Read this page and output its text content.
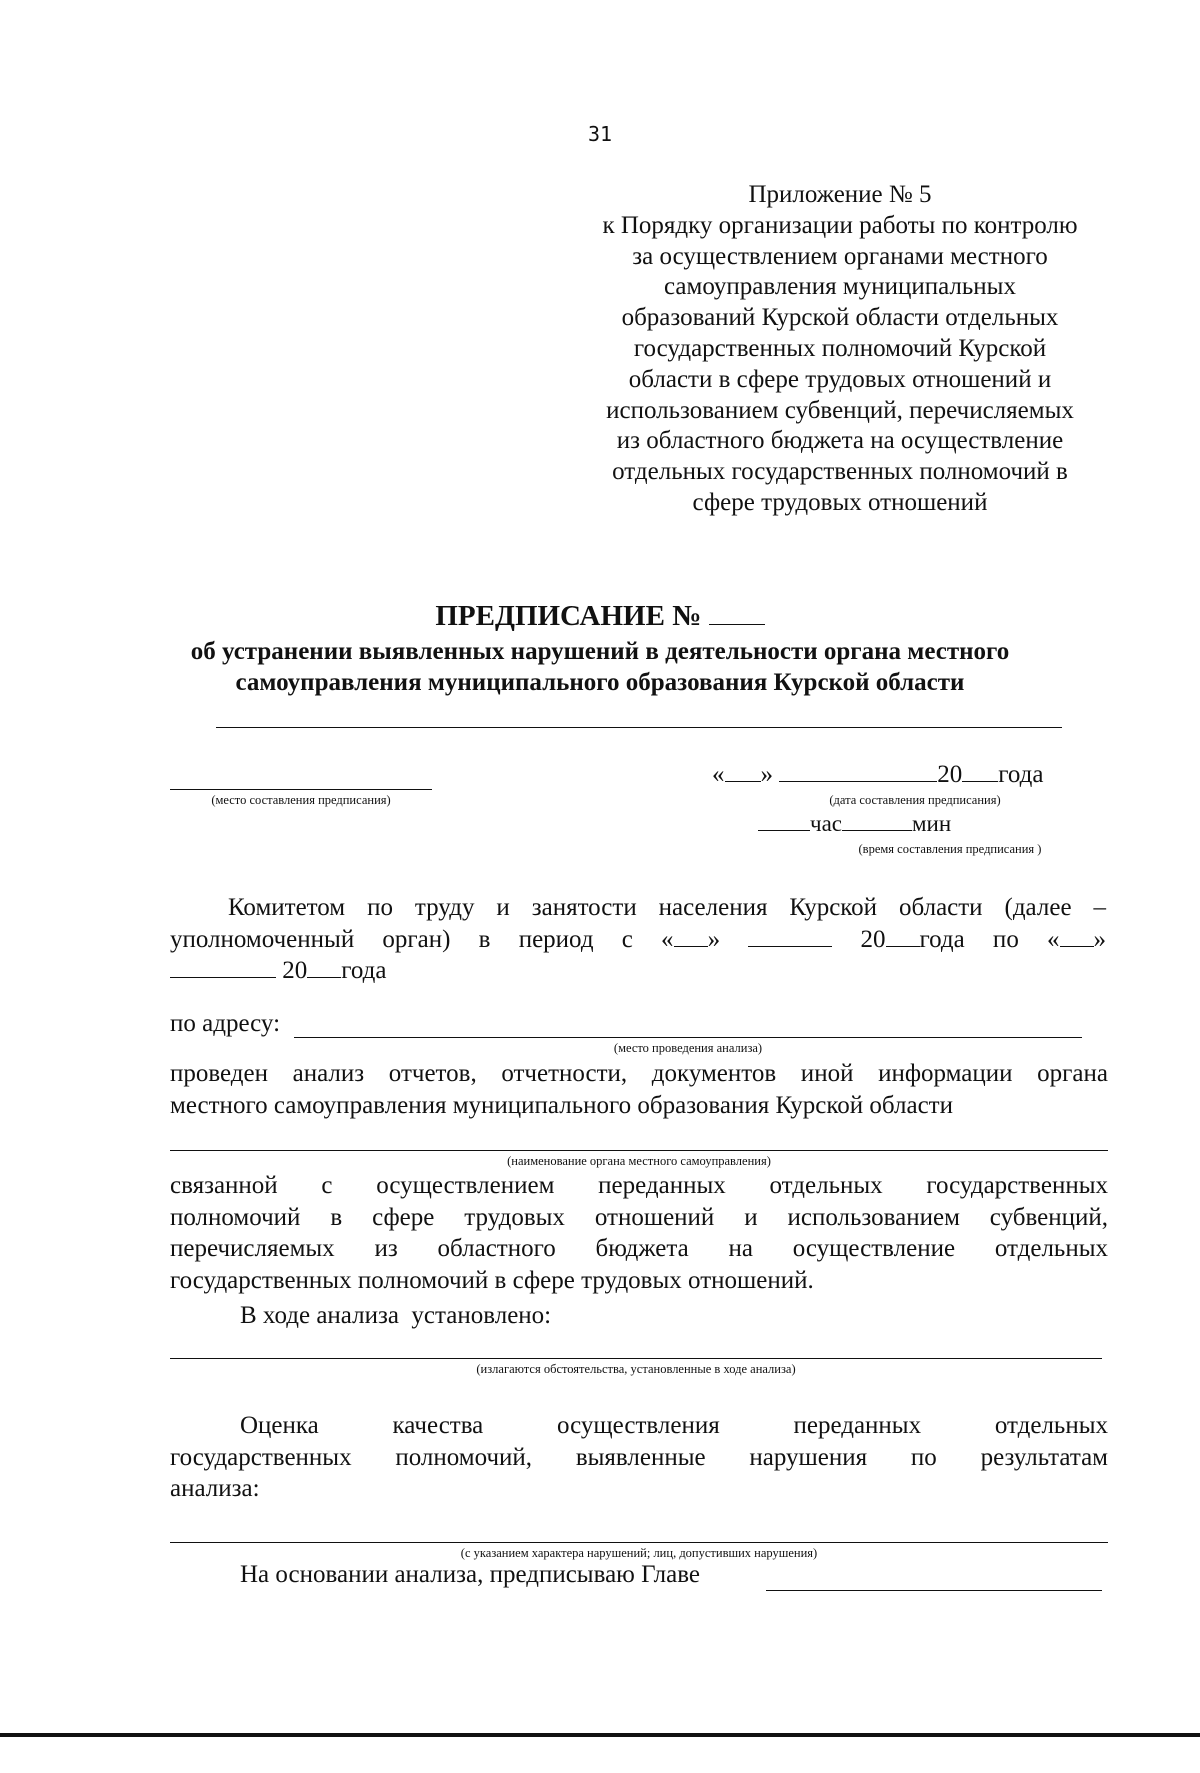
31
Приложение № 5
к Порядку организации работы по контролю
за осуществлением органами местного
самоуправления муниципальных
образований Курской области отдельных
государственных полномочий Курской
области в сфере трудовых отношений и
использованием субвенций, перечисляемых
из областного бюджета на осуществление
отдельных государственных полномочий в
сфере трудовых отношений
ПРЕДПИСАНИЕ №
об устранении выявленных нарушений в деятельности органа местного
самоуправления муниципального образования Курской области
(место составления предписания)
« »	20 года
(дата составления предписания)
час	мин
(время составления предписания )
Комитетом по труду и занятости населения Курской области (далее –
уполномоченный орган) в период с « »	20 года по « »
20 года
по адресу:
(место проведения анализа)
проведен анализ отчетов, отчетности, документов иной информации органа
местного самоуправления муниципального образования Курской области
(наименование органа местного самоуправления)
связанной с осуществлением переданных отдельных государственных
полномочий в сфере трудовых отношений и использованием субвенций,
перечисляемых из областного бюджета на осуществление отдельных
государственных полномочий в сфере трудовых отношений.
В ходе анализа  установлено:
(излагаются обстоятельства, установленные в ходе анализа)
Оценка качества осуществления переданных отдельных
государственных полномочий, выявленные нарушения по результатам
анализа:
(с указанием характера нарушений; лиц, допустивших нарушения)
На основании анализа, предписываю Главе
